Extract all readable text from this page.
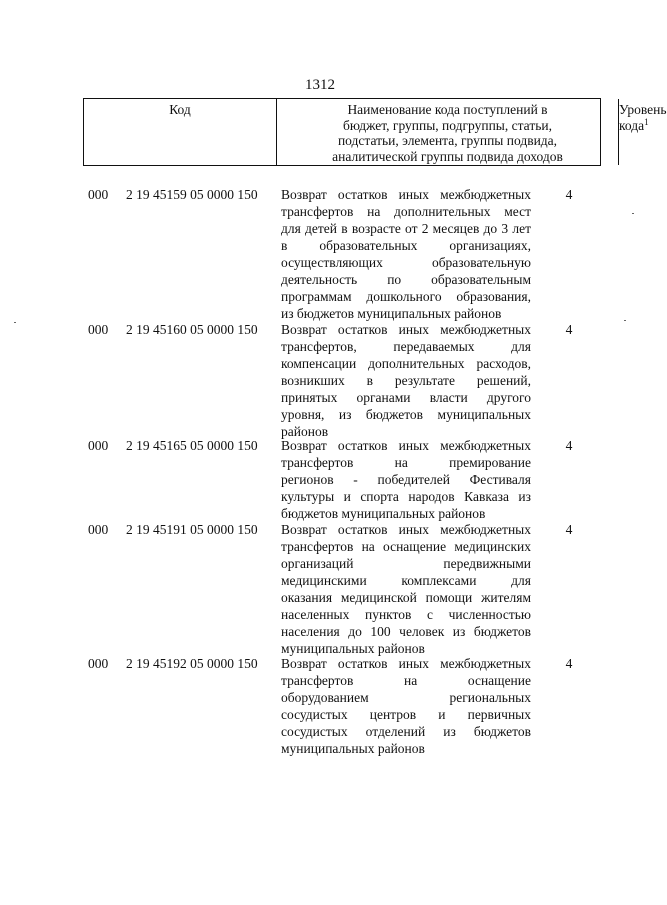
1312
Код	Наименование кода поступлений в
бюджет, группы, подгруппы, статьи,
подстатьи, элемента, группы подвида,
аналитической группы подвида доходов
Уровень
кода$^1$
000 2 19 45159 05 0000 150 Возврат остатков иных межбюджетных
трансфертов на дополнительных мест
для детей в возрасте от 2 месяцев до 3 лет
в образовательных организациях,
осуществляющих образовательную
деятельность по образовательным
программам дошкольного образования,
из бюджетов муниципальных районов
4
000 2 19 45160 05 0000 150 Возврат остатков иных межбюджетных
трансфертов, передаваемых для
компенсации дополнительных расходов,
возникших в результате решений,
принятых органами власти другого
уровня, из бюджетов муниципальных
районов
4
000 2 19 45165 05 0000 150 Возврат остатков иных межбюджетных
трансфертов на премирование
регионов - победителей Фестиваля
культуры и спорта народов Кавказа из
бюджетов муниципальных районов
4
000 2 19 45191 05 0000 150 Возврат остатков иных межбюджетных
трансфертов на оснащение медицинских
организаций передвижными
медицинскими комплексами для
оказания медицинской помощи жителям
населенных пунктов с численностью
населения до 100 человек из бюджетов
муниципальных районов
4
000 2 19 45192 05 0000 150 Возврат остатков иных межбюджетных
трансфертов на оснащение
оборудованием региональных
сосудистых центров и первичных
сосудистых отделений из бюджетов
муниципальных районов
4
